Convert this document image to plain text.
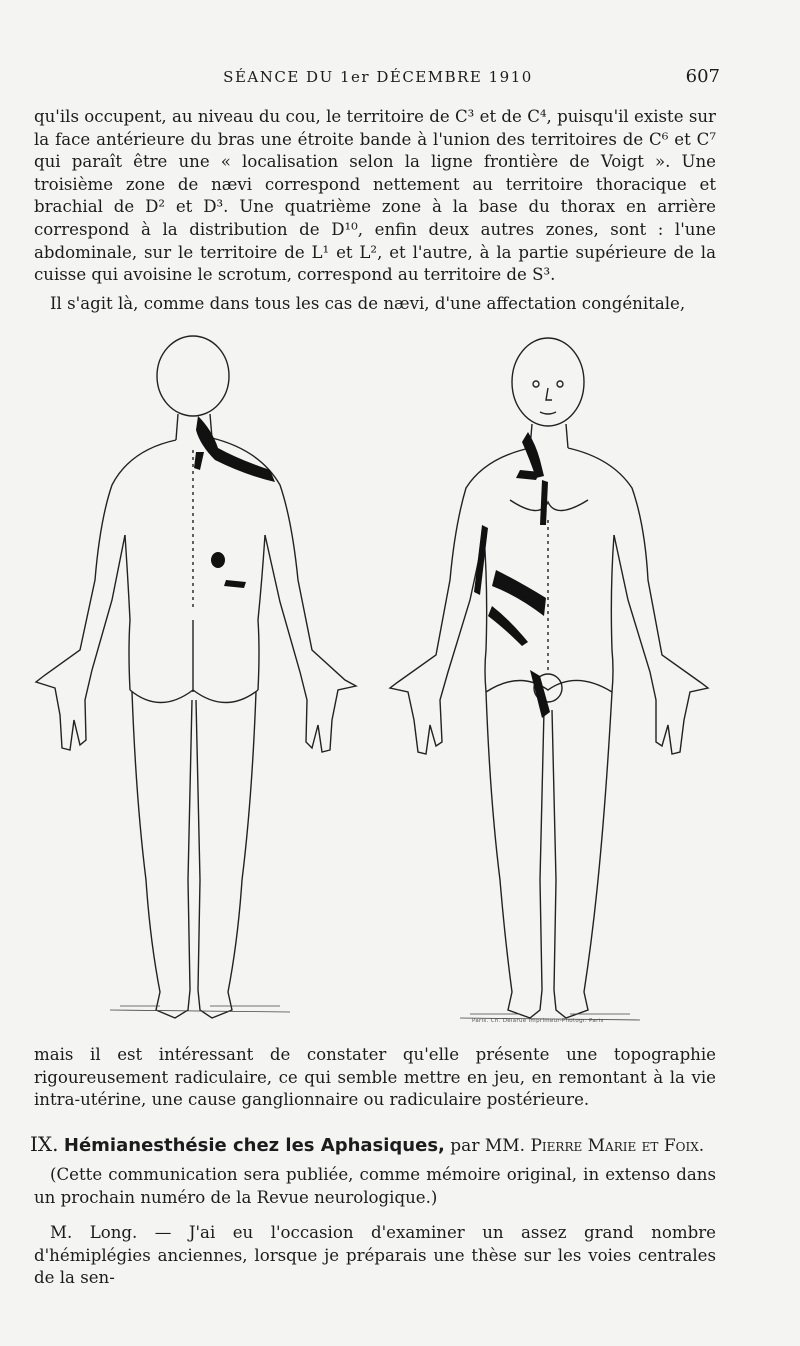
SÉANCE DU 1er DÉCEMBRE 1910	607

qu'ils occupent, au niveau du cou, le territoire de C³ et de C⁴, puisqu'il existe sur la face antérieure du bras une étroite bande à l'union des territoires de C⁶ et C⁷ qui paraît être une « localisation selon la ligne frontière de Voigt ». Une troisième zone de nævi correspond nettement au territoire thoracique et brachial de D² et D³. Une quatrième zone à la base du thorax en arrière correspond à la distribution de D¹⁰, enfin deux autres zones, sont : l'une abdominale, sur le territoire de L¹ et L², et l'autre, à la partie supérieure de la cuisse qui avoisine le scrotum, correspond au territoire de S³.

Il s'agit là, comme dans tous les cas de nævi, d'une affectation congénitale,

Paris. Ch. Delarue Imprimeur-Photogr. Paris

mais il est intéressant de constater qu'elle présente une topographie rigoureusement radiculaire, ce qui semble mettre en jeu, en remontant à la vie intra-utérine, une cause ganglionnaire ou radiculaire postérieure.

IX. Hémianesthésie chez les Aphasiques, par MM. Pierre Marie et Foix.

(Cette communication sera publiée, comme mémoire original, in extenso dans un prochain numéro de la Revue neurologique.)

M. Long. — J'ai eu l'occasion d'examiner un assez grand nombre d'hémiplégies anciennes, lorsque je préparais une thèse sur les voies centrales de la sen-
